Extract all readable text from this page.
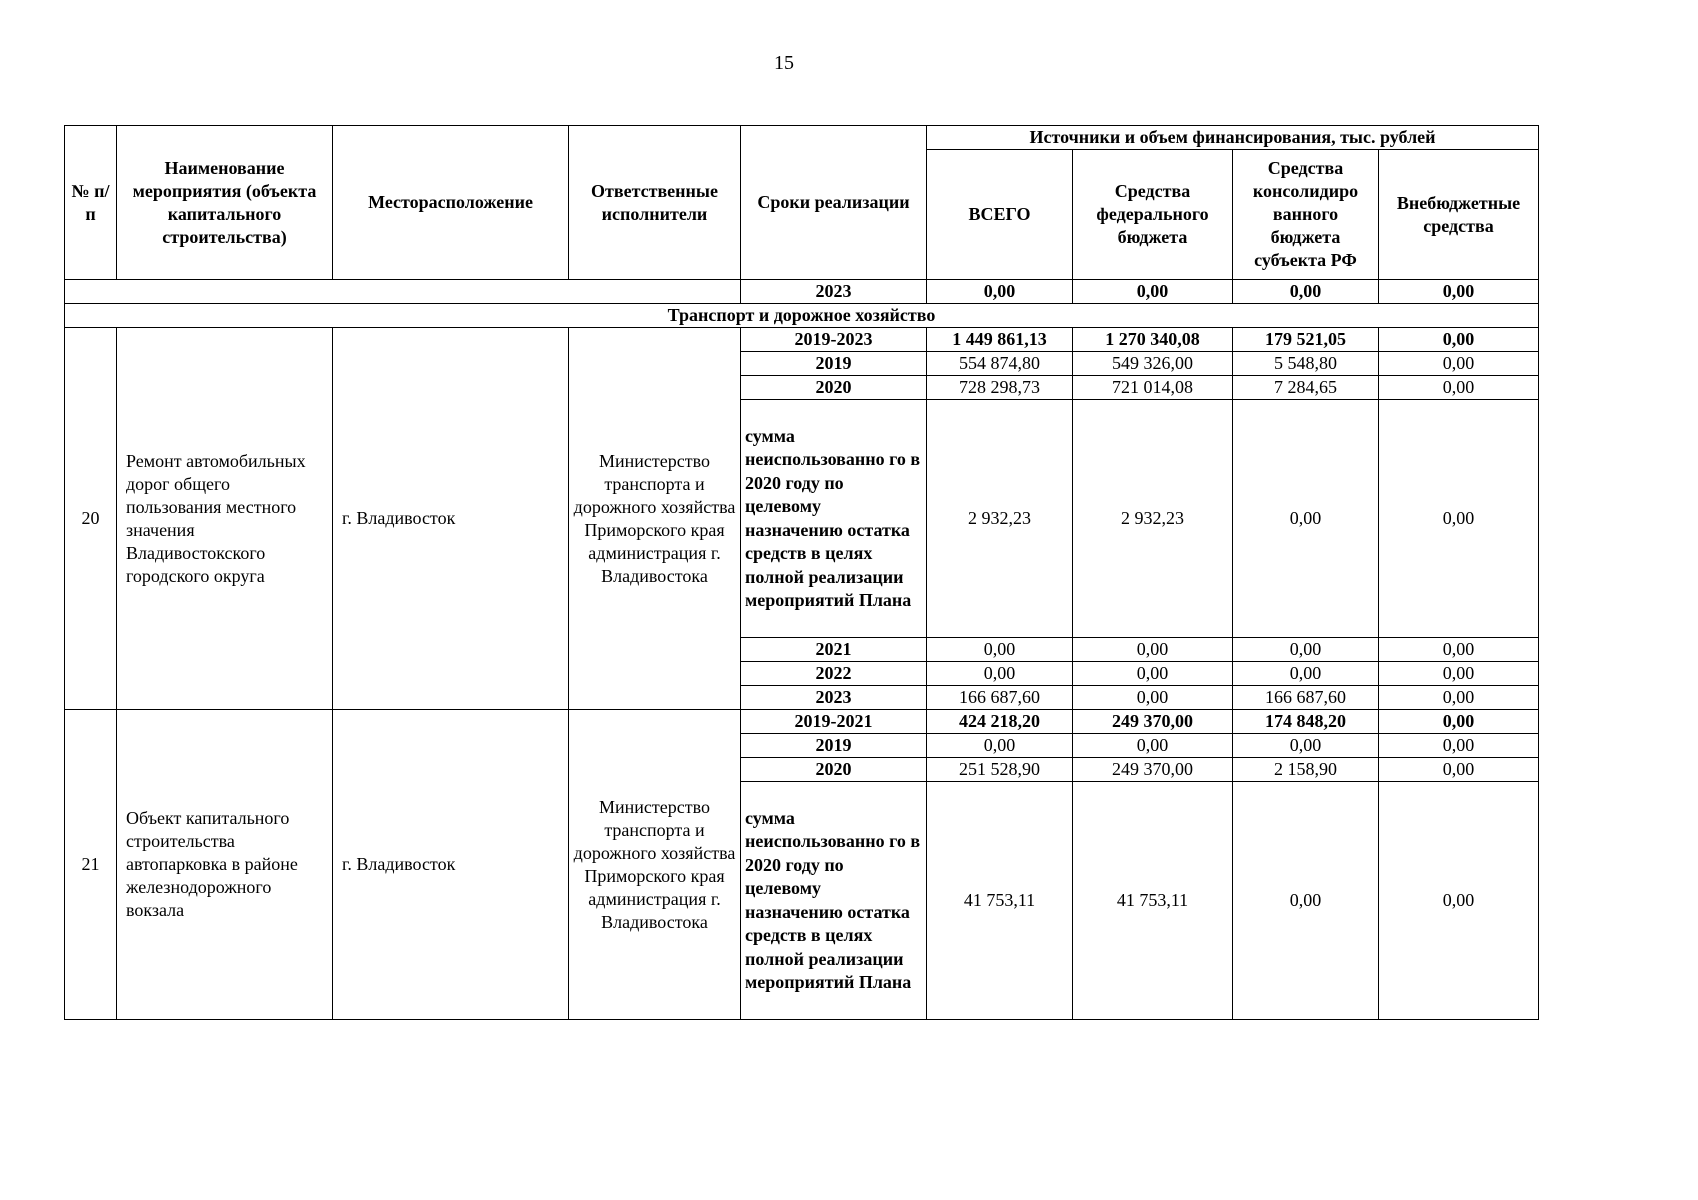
15
№ п/п	Наименование мероприятия (объекта капитального строительства)	Месторасположение	Ответственные исполнители	Сроки реализации	Источники и объем финансирования, тыс. рублей			
					ВСЕГО	Средства федерального бюджета	Средства консолидиро ванного бюджета субъекта РФ	Внебюджетные средства
				2023	0,00	0,00	0,00	0,00
Транспорт и дорожное хозяйство								
20	Ремонт автомобильных дорог общего пользования местного значения Владивостокского городского округа	г. Владивосток	Министерство транспорта и дорожного хозяйства Приморского края администрация г. Владивостока	2019-2023	1 449 861,13	1 270 340,08	179 521,05	0,00
				2019	554 874,80	549 326,00	5 548,80	0,00
				2020	728 298,73	721 014,08	7 284,65	0,00
				сумма неиспользованно го в 2020 году по целевому назначению остатка средств в целях полной реализации мероприятий Плана	2 932,23	2 932,23	0,00	0,00
				2021	0,00	0,00	0,00	0,00
				2022	0,00	0,00	0,00	0,00
				2023	166 687,60	0,00	166 687,60	0,00
21	Объект капитального строительства автопарковка в районе железнодорожного вокзала	г. Владивосток	Министерство транспорта и дорожного хозяйства Приморского края администрация г. Владивостока	2019-2021	424 218,20	249 370,00	174 848,20	0,00
				2019	0,00	0,00	0,00	0,00
				2020	251 528,90	249 370,00	2 158,90	0,00
				сумма неиспользованно го в 2020 году по целевому назначению остатка средств в целях полной реализации мероприятий Плана	41 753,11	41 753,11	0,00	0,00
